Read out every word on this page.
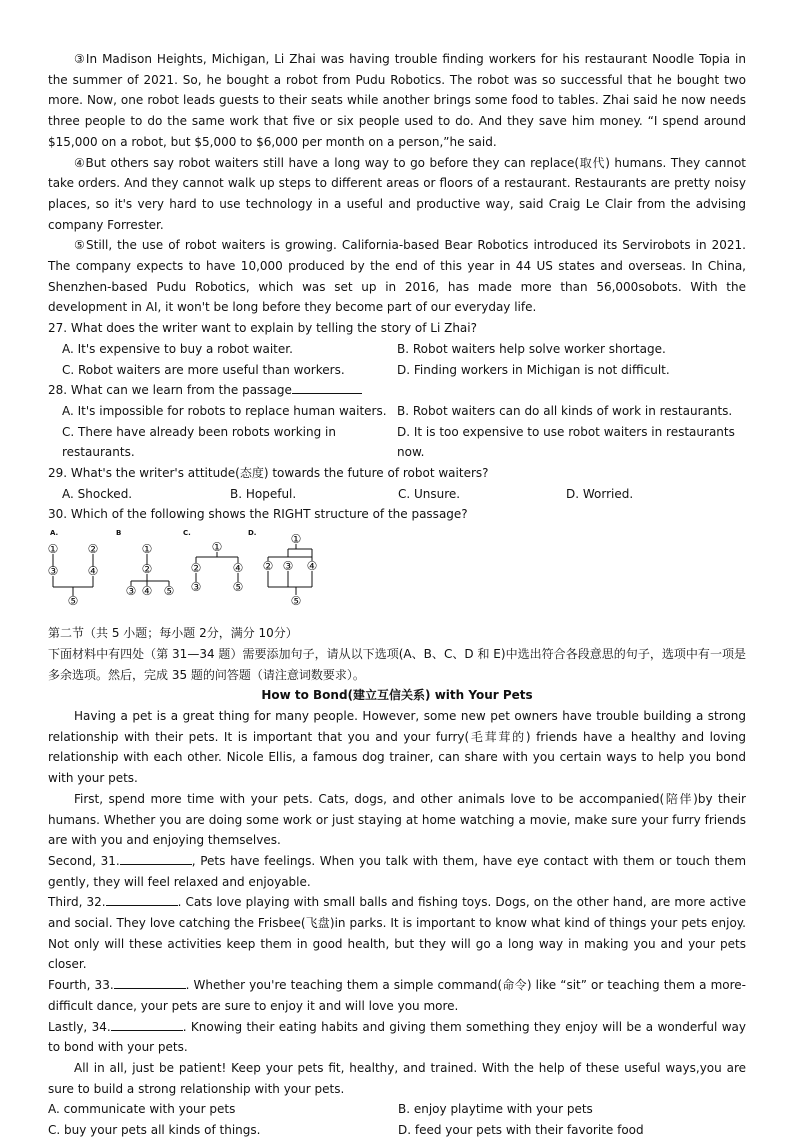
③In Madison Heights, Michigan, Li Zhai was having trouble finding workers for his restaurant Noodle Topia in the summer of 2021. So, he bought a robot from Pudu Robotics. The robot was so successful that he bought two more. Now, one robot leads guests to their seats while another brings some food to tables. Zhai said he now needs three people to do the same work that five or six people used to do. And they save him money. “I spend around $15,000 on a robot, but $5,000 to $6,000 per month on a person,”he said.

④But others say robot waiters still have a long way to go before they can replace(取代) humans. They cannot take orders. And they cannot walk up steps to different areas or floors of a restaurant. Restaurants are pretty noisy places, so it's very hard to use technology in a useful and productive way, said Craig Le Clair from the advising company Forrester.

⑤Still, the use of robot waiters is growing. California-based Bear Robotics introduced its Servirobots in 2021. The company expects to have 10,000 produced by the end of this year in 44 US states and overseas. In China, Shenzhen-based Pudu Robotics, which was set up in 2016, has made more than 56,000sobots. With the development in AI, it won't be long before they become part of our everyday life.

27. What does the writer want to explain by telling the story of Li Zhai?

A. It's expensive to buy a robot waiter.	B. Robot waiters help solve worker shortage.
C. Robot waiters are more useful than workers.	D. Finding workers in Michigan is not difficult.

28. What can we learn from the passage

A. It's impossible for robots to replace human waiters. B. Robot waiters can do all kinds of work in restaurants.
C. There have already been robots working in restaurants.
D. It is too expensive to use robot waiters in restaurants now.

29. What's the writer's attitude(态度) towards the future of robot waiters?

A. Shocked.	B. Hopeful.	C. Unsure.	D. Worried.

30. Which of the following shows the RIGHT structure of the passage?

A.	B	C.	D.
① ②
③ ④
⑤
①
②
③ ④ ⑤
①
②
③
④
⑤
①
② ③ ④
⑤

第二节（共 5 小题；每小题 2分，满分 10分）

下面材料中有四处（第 31—34 题）需要添加句子，请从以下选项(A、B、C、D 和 E)中选出符合各段意思的句子，选项中有一项是多余选项。然后，完成 35 题的问答题（请注意词数要求）。

How to Bond(建立互信关系) with Your Pets

Having a pet is a great thing for many people. However, some new pet owners have trouble building a strong relationship with their pets. It is important that you and your furry(毛茸茸的) friends have a healthy and loving relationship with each other. Nicole Ellis, a famous dog trainer, can share with you certain ways to help you bond with your pets.

First, spend more time with your pets. Cats, dogs, and other animals love to be accompanied(陪伴)by their humans. Whether you are doing some work or just staying at home watching a movie, make sure your furry friends are with you and enjoying themselves.

Second, 31.	, Pets have feelings. When you talk with them, have eye contact with them or touch them gently, they will feel relaxed and enjoyable.

Third, 32.	. Cats love playing with small balls and fishing toys. Dogs, on the other hand, are more active and social. They love catching the Frisbee(飞盘)in parks. It is important to know what kind of things your pets enjoy. Not only will these activities keep them in good health, but they will go a long way in making you and your pets closer.

Fourth, 33.	. Whether you're teaching them a simple command(命令) like “sit” or teaching them a more- difficult dance, your pets are sure to enjoy it and will love you more.

Lastly, 34.	. Knowing their eating habits and giving them something they enjoy will be a wonderful way to bond with your pets.

All in all, just be patient! Keep your pets fit, healthy, and trained. With the help of these useful ways,you are sure to build a strong relationship with your pets.

A. communicate with your pets	B. enjoy playtime with your pets
C. buy your pets all kinds of things.	D. feed your pets with their favorite food
